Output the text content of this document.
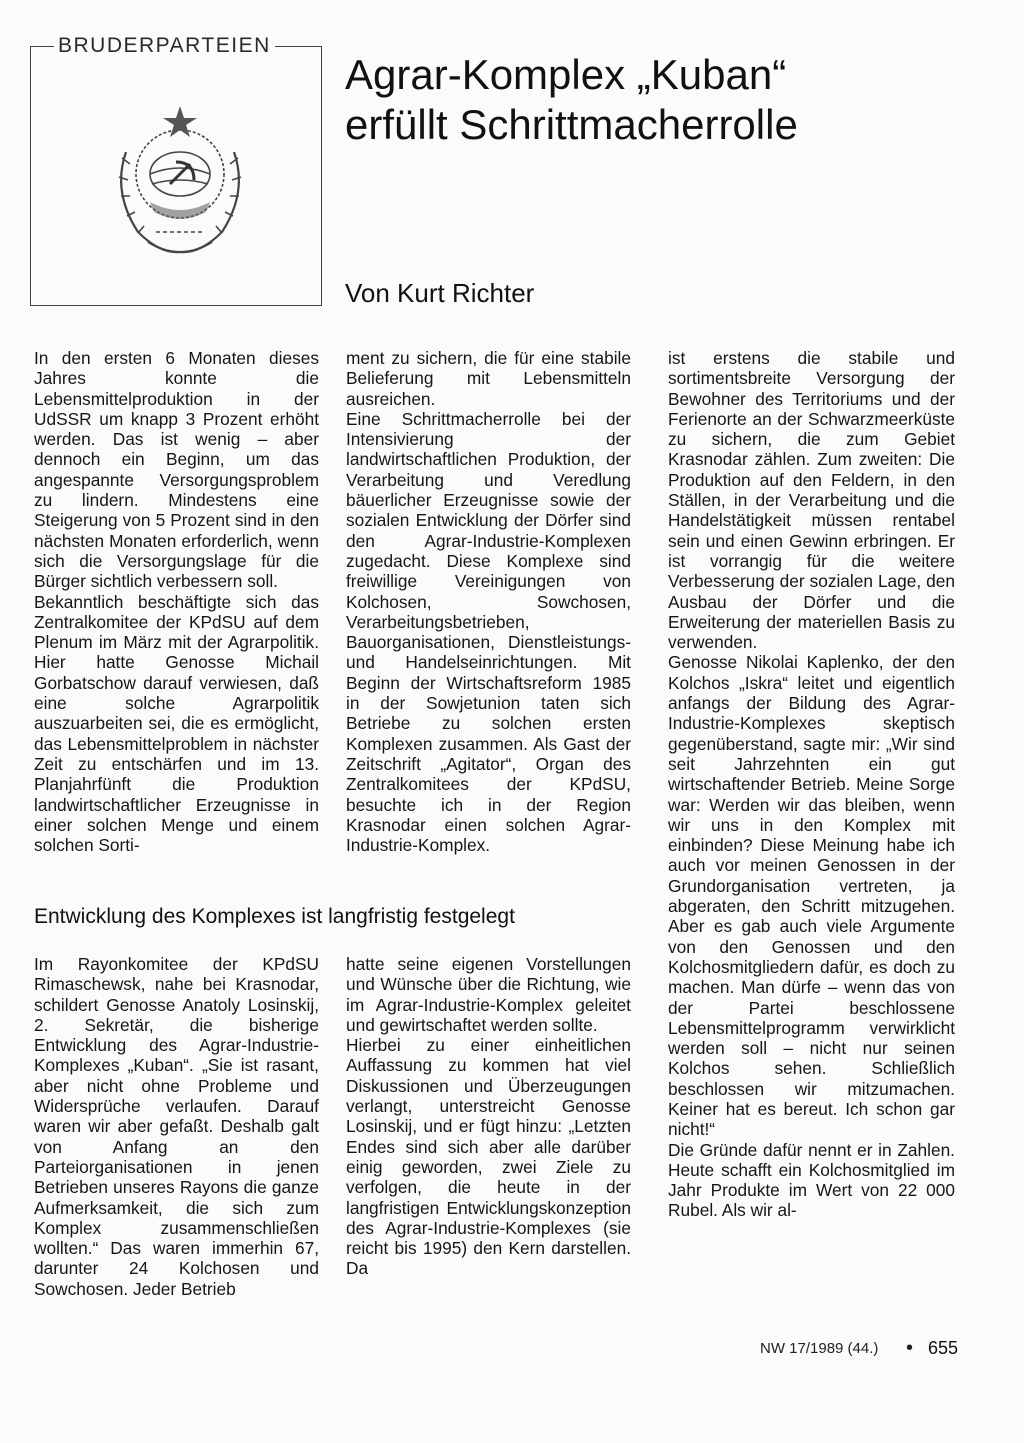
BRUDERPARTEIEN
Agrar-Komplex „Kuban“
erfüllt Schrittmacherrolle
Von Kurt Richter

In den ersten 6 Monaten dieses Jahres konnte die Lebensmittelproduktion in der UdSSR um knapp 3 Prozent erhöht werden. Das ist wenig – aber dennoch ein Beginn, um das angespannte Versorgungsproblem zu lindern. Mindestens eine Steigerung von 5 Prozent sind in den nächsten Monaten erforderlich, wenn sich die Versorgungslage für die Bürger sichtlich verbessern soll.

Bekanntlich beschäftigte sich das Zentralkomitee der KPdSU auf dem Plenum im März mit der Agrarpolitik. Hier hatte Genosse Michail Gorbatschow darauf verwiesen, daß eine solche Agrarpolitik auszuarbeiten sei, die es ermöglicht, das Lebensmittelproblem in nächster Zeit zu entschärfen und im 13. Planjahrfünft die Produktion landwirtschaftlicher Erzeugnisse in einer solchen Menge und einem solchen Sorti-

ment zu sichern, die für eine stabile Belieferung mit Lebensmitteln ausreichen.

Eine Schrittmacherrolle bei der Intensivierung der landwirtschaftlichen Produktion, der Verarbeitung und Veredlung bäuerlicher Erzeugnisse sowie der sozialen Entwicklung der Dörfer sind den Agrar-Industrie-Komplexen zugedacht. Diese Komplexe sind freiwillige Vereinigungen von Kolchosen, Sowchosen, Verarbeitungsbetrieben, Bauorganisationen, Dienstleistungs- und Handelseinrichtungen. Mit Beginn der Wirtschaftsreform 1985 in der Sowjetunion taten sich Betriebe zu solchen ersten Komplexen zusammen. Als Gast der Zeitschrift „Agitator“, Organ des Zentralkomitees der KPdSU, besuchte ich in der Region Krasnodar einen solchen Agrar-Industrie-Komplex.

Entwicklung des Komplexes ist langfristig festgelegt

Im Rayonkomitee der KPdSU Rimaschewsk, nahe bei Krasnodar, schildert Genosse Anatoly Losinskij, 2. Sekretär, die bisherige Entwicklung des Agrar-Industrie-Komplexes „Kuban“. „Sie ist rasant, aber nicht ohne Probleme und Widersprüche verlaufen. Darauf waren wir aber gefaßt. Deshalb galt von Anfang an den Parteiorganisationen in jenen Betrieben unseres Rayons die ganze Aufmerksamkeit, die sich zum Komplex zusammenschließen wollten.“ Das waren immerhin 67, darunter 24 Kolchosen und Sowchosen. Jeder Betrieb

hatte seine eigenen Vorstellungen und Wünsche über die Richtung, wie im Agrar-Industrie-Komplex geleitet und gewirtschaftet werden sollte.

Hierbei zu einer einheitlichen Auffassung zu kommen hat viel Diskussionen und Überzeugungen verlangt, unterstreicht Genosse Losinskij, und er fügt hinzu: „Letzten Endes sind sich aber alle darüber einig geworden, zwei Ziele zu verfolgen, die heute in der langfristigen Entwicklungskonzeption des Agrar-Industrie-Komplexes (sie reicht bis 1995) den Kern darstellen. Da

ist erstens die stabile und sortimentsbreite Versorgung der Bewohner des Territoriums und der Ferienorte an der Schwarzmeerküste zu sichern, die zum Gebiet Krasnodar zählen. Zum zweiten: Die Produktion auf den Feldern, in den Ställen, in der Verarbeitung und die Handelstätigkeit müssen rentabel sein und einen Gewinn erbringen. Er ist vorrangig für die weitere Verbesserung der sozialen Lage, den Ausbau der Dörfer und die Erweiterung der materiellen Basis zu verwenden.

Genosse Nikolai Kaplenko, der den Kolchos „Iskra“ leitet und eigentlich anfangs der Bildung des Agrar-Industrie-Komplexes skeptisch gegenüberstand, sagte mir: „Wir sind seit Jahrzehnten ein gut wirtschaftender Betrieb. Meine Sorge war: Werden wir das bleiben, wenn wir uns in den Komplex mit einbinden? Diese Meinung habe ich auch vor meinen Genossen in der Grundorganisation vertreten, ja abgeraten, den Schritt mitzugehen. Aber es gab auch viele Argumente von den Genossen und den Kolchosmitgliedern dafür, es doch zu machen. Man dürfe – wenn das von der Partei beschlossene Lebensmittelprogramm verwirklicht werden soll – nicht nur seinen Kolchos sehen. Schließlich beschlossen wir mitzumachen. Keiner hat es bereut. Ich schon gar nicht!“

Die Gründe dafür nennt er in Zahlen. Heute schafft ein Kolchosmitglied im Jahr Produkte im Wert von 22 000 Rubel. Als wir al-

NW 17/1989 (44.) • 655
